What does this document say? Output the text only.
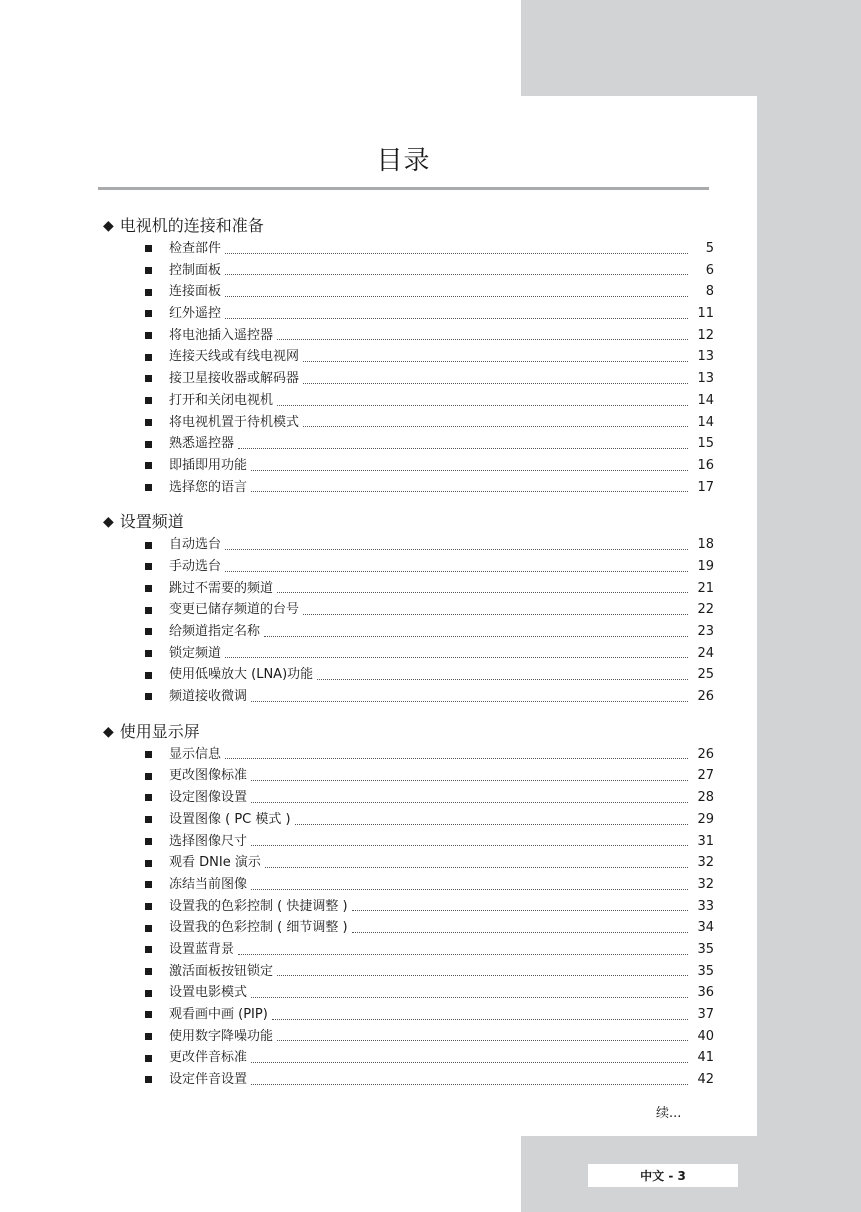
目录
◆ 电视机的连接和准备
检查部件	5
控制面板	6
连接面板	8
红外遥控	11
将电池插入遥控器	12
连接天线或有线电视网	13
接卫星接收器或解码器	13
打开和关闭电视机	14
将电视机置于待机模式	14
熟悉遥控器	15
即插即用功能	16
选择您的语言	17
◆ 设置频道
自动选台	18
手动选台	19
跳过不需要的频道	21
变更已储存频道的台号	22
给频道指定名称	23
锁定频道	24
使用低噪放大 (LNA)功能	25
频道接收微调	26
◆ 使用显示屏
显示信息	26
更改图像标准	27
设定图像设置	28
设置图像 ( PC 模式 )	29
选择图像尺寸	31
观看 DNIe 演示	32
冻结当前图像	32
设置我的色彩控制 ( 快捷调整 )	33
设置我的色彩控制 ( 细节调整 )	34
设置蓝背景	35
激活面板按钮锁定	35
设置电影模式	36
观看画中画 (PIP)	37
使用数字降噪功能	40
更改伴音标准	41
设定伴音设置	42
续...
中文 - 3
